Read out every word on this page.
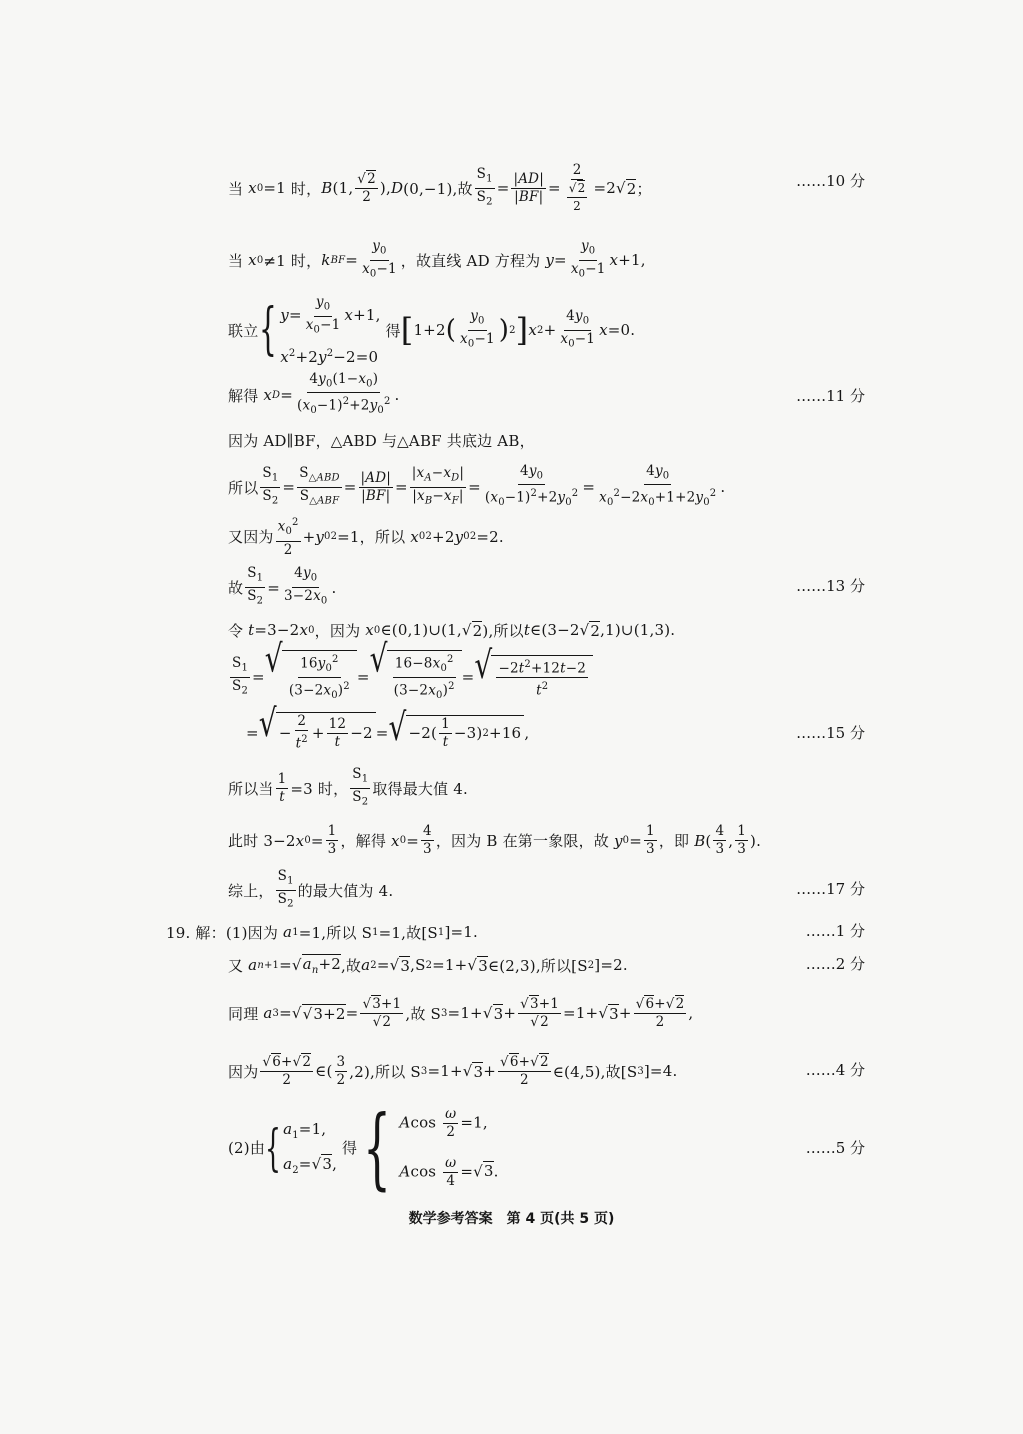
当
x 0 =1 时， B (1, $\frac{√2}{2}$ ), D (0,−1),故 $\frac{S_1}{S_2} = \frac{|AD|}{|BF|} = \frac{2}{\frac{√2}{2}} =2√$ 2 ；	……10 分
当
x 0 ≠1 时， k BF = $\frac{y_0}{x_0-1}$ ，故直线 AD 方程为
$y = \frac{y_0}{x_0-1}$ x +1,
联立 { $y= \frac{y_0}{x_0-1} x+1$,
$x^2+2y^2-2=0$

得 [ 1+2 ( $\frac{y_0}{x_0-1}$ ) 2 ] x $2 + \frac{4y_0}{x_0-1}$ x =0.
解得
x $D = \frac{4y_0(1-x_0)}{(x_0-1)^2+2y_0^2}$ .	……11 分
因为 AD∥BF，△ABD 与△ABF 共底边 AB，
所以 $\frac{S_1}{S_2} = \frac{S_{\triangle ABD}}{S_{\triangle ABF}} = \frac{|AD|}{|BF|} = \frac{|x_A-x_D|}{|x_B-x_F|} = \frac{4y_0}{(x_0-1)^2+2y_0^2} = \frac{4y_0}{x_0^2-2x_0+1+2y_0^2}$ .
又因为 $\frac{x_0^2}{2} + y$ 0 2 =1 ，所以
x 0 2 +2 y 0 2 =2.
故 $\frac{S_1}{S_2} = \frac{4y_0}{3-2x_0}$ .	……13 分
令
t =3−2 x 0 ，因为
x 0 ∈(0,1)∪(1,√ 2 ),所以 t ∈(3−2√ 2 ,1)∪(1,3).
$\frac{S_1}{S_2}$ = √ $\frac{16y_0^2}{(3-2x_0)^2}$ = √ $\frac{16-8x_0^2}{(3-2x_0)^2}$ = √ $\frac{-2t^2+12t-2}{t^2}$
= √ − $\frac{2}{t^2} + \frac{12}{t} -2$ = √ $-2( \frac{1}{t} -3)$ 2 +16 ,	……15 分
所以当 $\frac{1}{t} =3$ 时， $\frac{S_1}{S_2}$ 取得最大值 4.
此时 3−2 x $0 = \frac{1}{3}$ ，解得
x $0 = \frac{4}{3}$ ，因为 B 在第一象限，故
y $0 = \frac{1}{3}$ ，即
B ( $\frac{4}{3}$ , $\frac{1}{3}$ ).
综上， $\frac{S_1}{S_2}$ 的最大值为 4.	……17 分
19. 解：(1)因为
a 1 =1,所以 S 1 =1,故[S 1 ]=1.	……1 分
又
a n+1 =√ $a_n+2$ ,故 a 2 =√ 3 ,S 2 =1+√ 3 ∈(2,3),所以[S 2 ]=2.	……2 分
同理
a 3 =√ $√3+2 = \frac{√3+1}{√2}$ ,故 S 3 =1+√ $3 + \frac{√3+1}{√2} =1+√$ $3 + \frac{√6+√2}{2}$ ,
因为 $\frac{√6+√2}{2}$ ∈( $\frac{3}{2} ,2$),所以 S 3 =1+√ $3 + \frac{√6+√2}{2}$ ∈(4,5),故[S 3 ]=4.	……4 分
(2)由 { $a_1=1$,
$a_2=√3$,

得 { Acos $\frac{\omega}{2} =1$,
Acos $\frac{\omega}{4} =√3$.
……5 分
数学参考答案　第 4 页(共 5 页)
